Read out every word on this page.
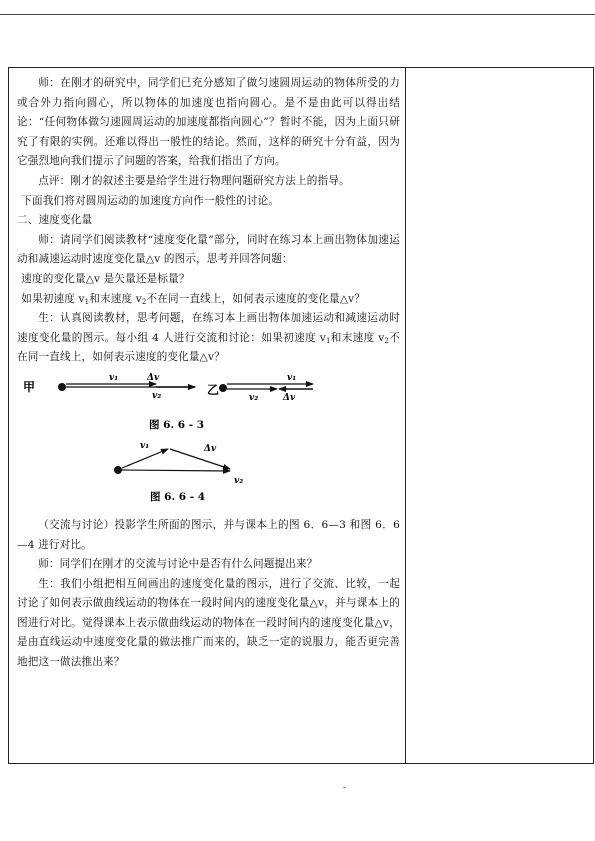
师：在刚才的研究中，同学们已充分感知了做匀速圆周运动的物体所受的力或合外力指向圆心，所以物体的加速度也指向圆心。是不是由此可以得出结论：“任何物体做匀速圆周运动的加速度都指向圆心”？暂时不能，因为上面只研究了有限的实例。还难以得出一般性的结论。然而，这样的研究十分有益，因为它强烈地向我们提示了问题的答案，给我们指出了方向。

点评：刚才的叙述主要是给学生进行物理问题研究方法上的指导。

下面我们将对圆周运动的加速度方向作一般性的讨论。

二、速度变化量

师：请同学们阅读教材“速度变化量”部分，同时在练习本上画出物体加速运动和减速运动时速度变化量△v 的图示，思考并回答问题：

速度的变化量△v 是矢量还是标量？

如果初速度 $v_1$和末速度 $v_2$不在同一直线上，如何表示速度的变化量△v？

生：认真阅读教材，思考问题，在练习本上画出物体加速运动和减速运动时速度变化量的图示。每小组 4 人进行交流和讨论：如果初速度 $v_1$和末速度 $v_2$不在同一直线上，如何表示速度的变化量△v？

甲
v₁	Δv
v₂	乙
v₁
v₂	Δv
图 6. 6 - 3
v₁	Δv
v₂
图 6. 6 - 4

（交流与讨论）投影学生所面的图示，并与课本上的图 6．6—3 和图 6．6—4 进行对比。

师：同学们在刚才的交流与讨论中是否有什么问题提出来？

生：我们小组把相互间画出的速度变化量的图示，进行了交流、比较，一起讨论了如何表示做曲线运动的物体在一段时间内的速度变化量△v，并与课本上的图进行对比。觉得课本上表示做曲线运动的物体在一段时间内的速度变化量△v，是由直线运动中速度变化量的做法推广而来的，缺乏一定的说服力，能否更完善地把这一做法推出来？

-
